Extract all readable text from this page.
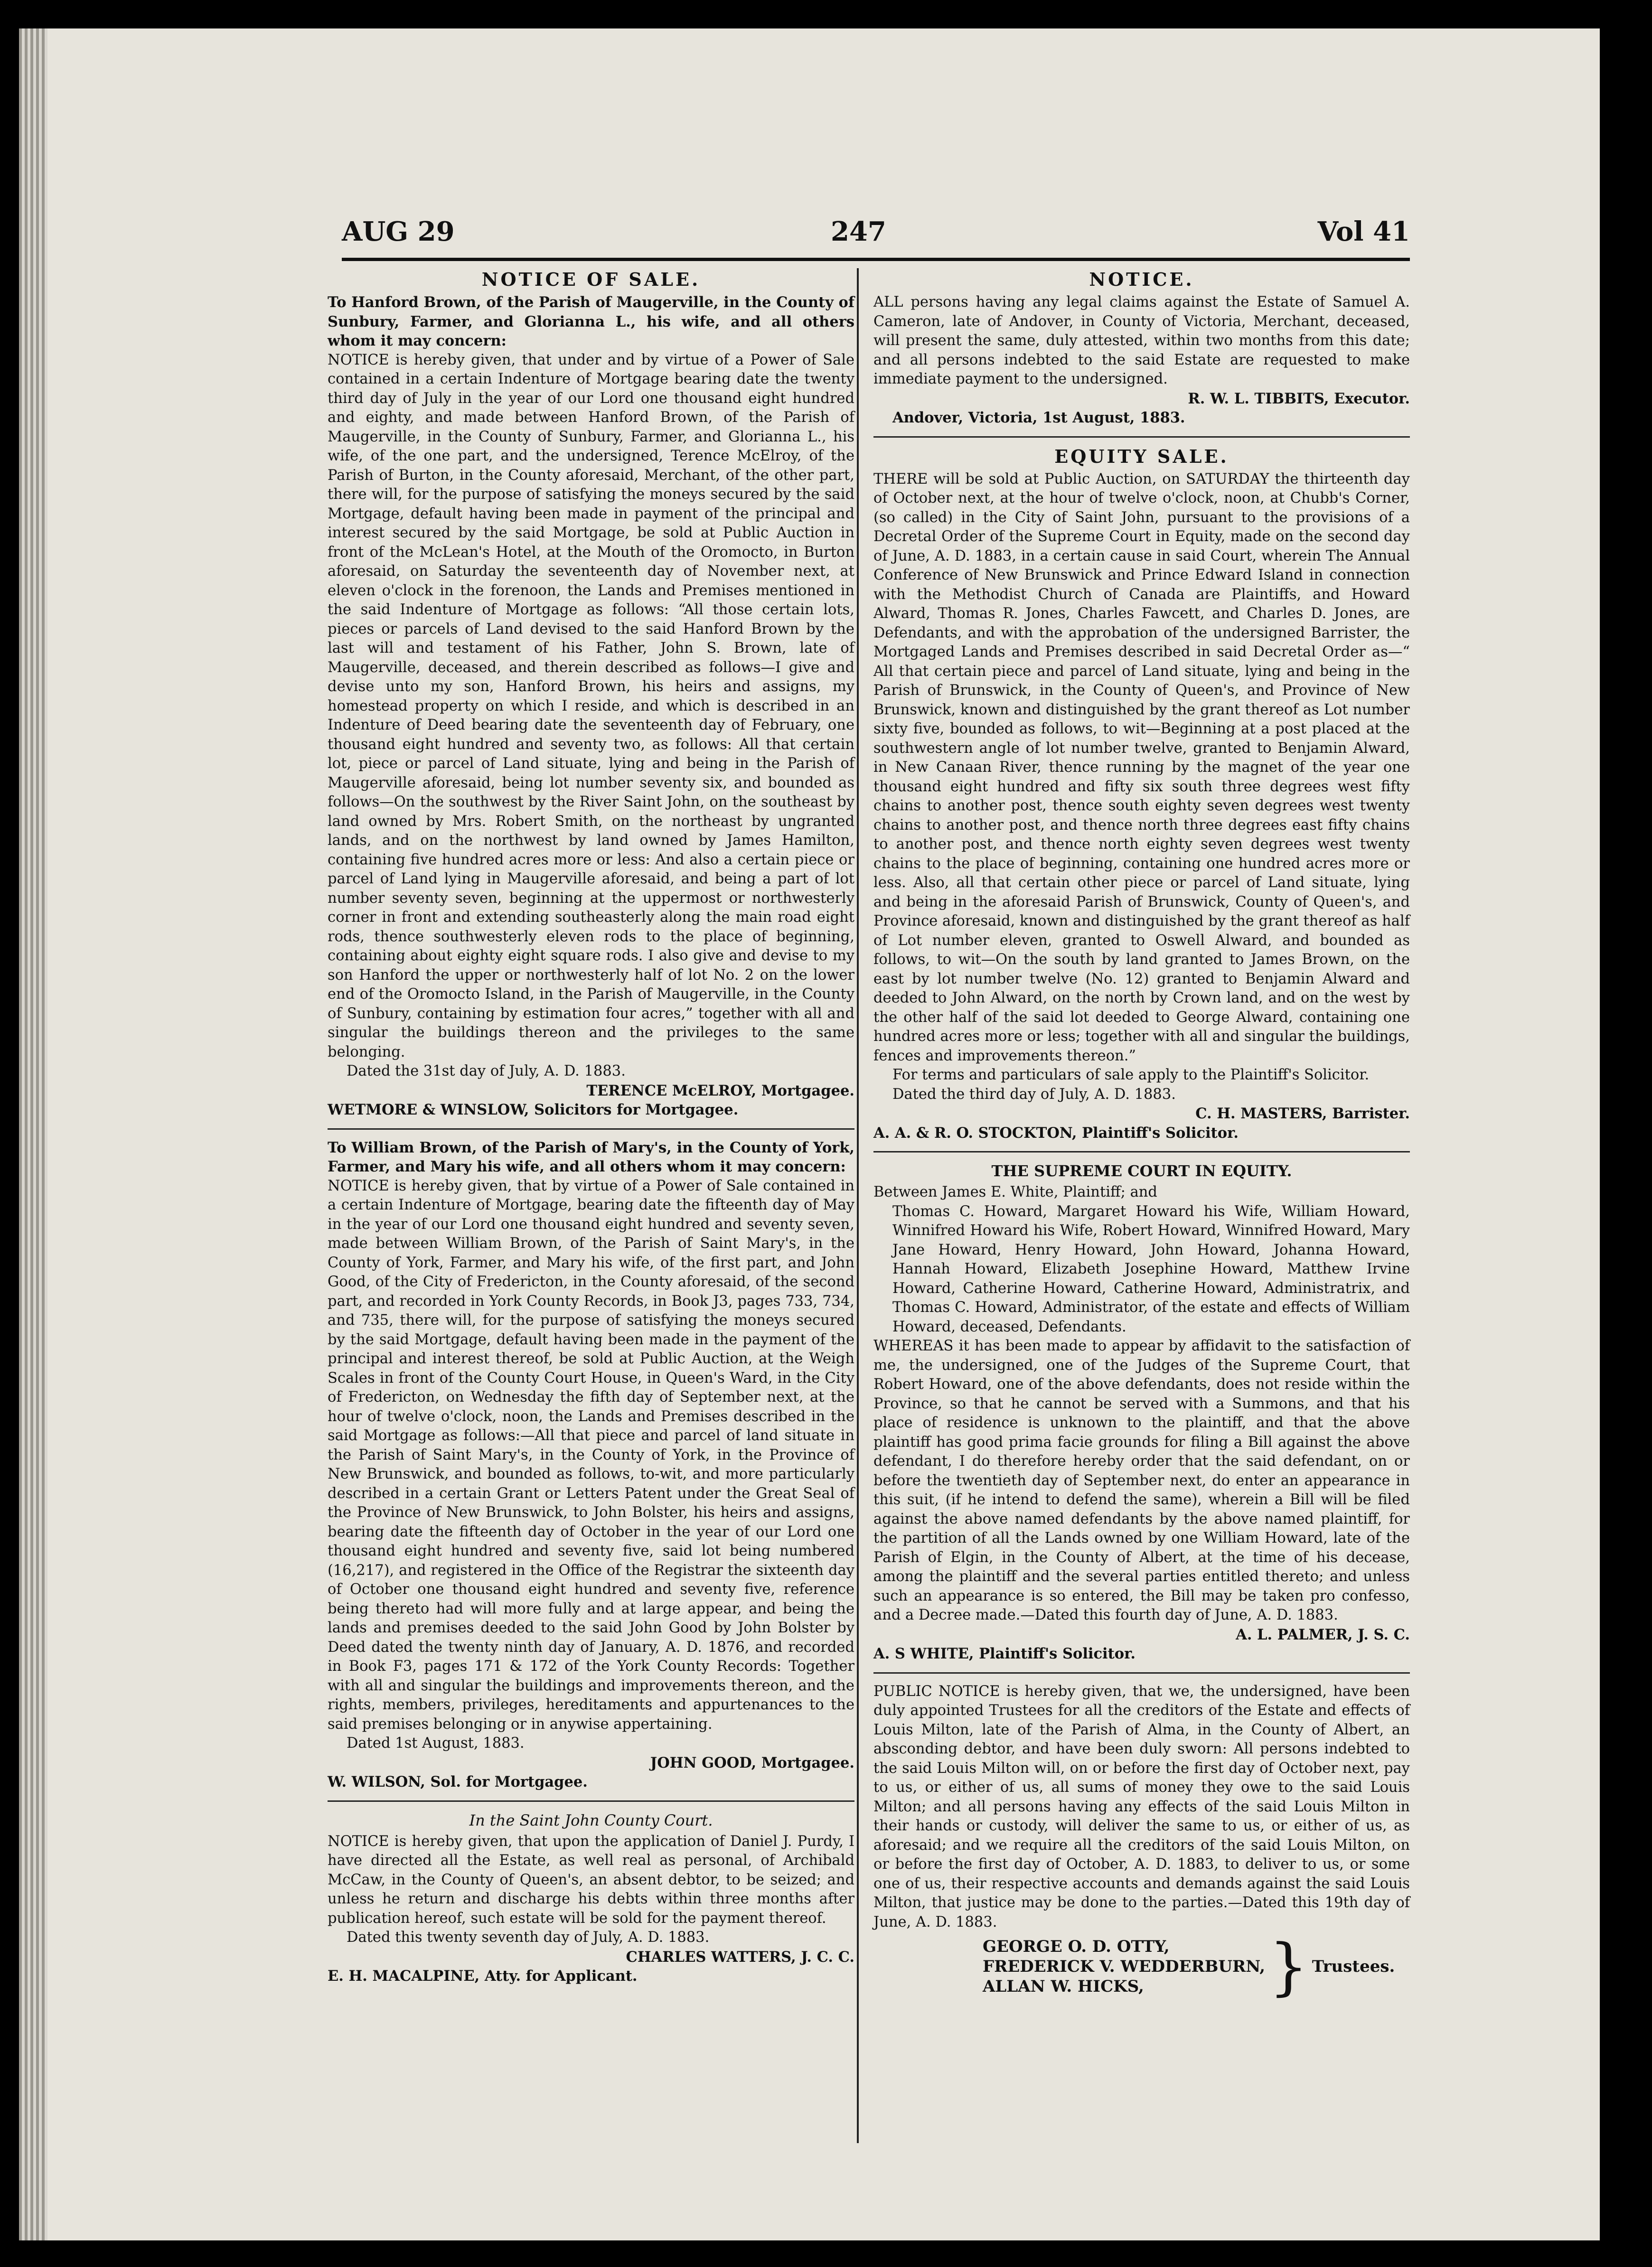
AUG 29	247	Vol 41
NOTICE OF SALE.

To Hanford Brown, of the Parish of Maugerville, in the County of Sunbury, Farmer, and Glorianna L., his wife, and all others whom it may concern:

NOTICE is hereby given, that under and by virtue of a Power of Sale contained in a certain Indenture of Mortgage bearing date the twenty third day of July in the year of our Lord one thousand eight hundred and eighty, and made between Hanford Brown, of the Parish of Maugerville, in the County of Sunbury, Farmer, and Glorianna L., his wife, of the one part, and the undersigned, Terence McElroy, of the Parish of Burton, in the County aforesaid, Merchant, of the other part, there will, for the purpose of satisfying the moneys secured by the said Mortgage, default having been made in payment of the principal and interest secured by the said Mortgage, be sold at Public Auction in front of the McLean's Hotel, at the Mouth of the Oromocto, in Burton aforesaid, on Saturday the seventeenth day of November next, at eleven o'clock in the forenoon, the Lands and Premises mentioned in the said Indenture of Mortgage as follows: “All those certain lots, pieces or parcels of Land devised to the said Hanford Brown by the last will and testament of his Father, John S. Brown, late of Maugerville, deceased, and therein described as follows—I give and devise unto my son, Hanford Brown, his heirs and assigns, my homestead property on which I reside, and which is described in an Indenture of Deed bearing date the seventeenth day of February, one thousand eight hundred and seventy two, as follows: All that certain lot, piece or parcel of Land situate, lying and being in the Parish of Maugerville aforesaid, being lot number seventy six, and bounded as follows—On the southwest by the River Saint John, on the southeast by land owned by Mrs. Robert Smith, on the northeast by ungranted lands, and on the northwest by land owned by James Hamilton, containing five hundred acres more or less: And also a certain piece or parcel of Land lying in Maugerville aforesaid, and being a part of lot number seventy seven, beginning at the uppermost or northwesterly corner in front and extending southeasterly along the main road eight rods, thence southwesterly eleven rods to the place of beginning, containing about eighty eight square rods. I also give and devise to my son Hanford the upper or northwesterly half of lot No. 2 on the lower end of the Oromocto Island, in the Parish of Maugerville, in the County of Sunbury, containing by estimation four acres,” together with all and singular the buildings thereon and the privileges to the same belonging.

Dated the 31st day of July, A. D. 1883.

TERENCE McELROY, Mortgagee.

WETMORE & WINSLOW, Solicitors for Mortgagee.

To William Brown, of the Parish of Mary's, in the County of York, Farmer, and Mary his wife, and all others whom it may concern:

NOTICE is hereby given, that by virtue of a Power of Sale contained in a certain Indenture of Mortgage, bearing date the fifteenth day of May in the year of our Lord one thousand eight hundred and seventy seven, made between William Brown, of the Parish of Saint Mary's, in the County of York, Farmer, and Mary his wife, of the first part, and John Good, of the City of Fredericton, in the County aforesaid, of the second part, and recorded in York County Records, in Book J3, pages 733, 734, and 735, there will, for the purpose of satisfying the moneys secured by the said Mortgage, default having been made in the payment of the principal and interest thereof, be sold at Public Auction, at the Weigh Scales in front of the County Court House, in Queen's Ward, in the City of Fredericton, on Wednesday the fifth day of September next, at the hour of twelve o'clock, noon, the Lands and Premises described in the said Mortgage as follows:—All that piece and parcel of land situate in the Parish of Saint Mary's, in the County of York, in the Province of New Brunswick, and bounded as follows, to-wit, and more particularly described in a certain Grant or Letters Patent under the Great Seal of the Province of New Brunswick, to John Bolster, his heirs and assigns, bearing date the fifteenth day of October in the year of our Lord one thousand eight hundred and seventy five, said lot being numbered (16,217), and registered in the Office of the Registrar the sixteenth day of October one thousand eight hundred and seventy five, reference being thereto had will more fully and at large appear, and being the lands and premises deeded to the said John Good by John Bolster by Deed dated the twenty ninth day of January, A. D. 1876, and recorded in Book F3, pages 171 & 172 of the York County Records: Together with all and singular the buildings and improvements thereon, and the rights, members, privileges, hereditaments and appurtenances to the said premises belonging or in anywise appertaining.

Dated 1st August, 1883.

JOHN GOOD, Mortgagee.

W. WILSON, Sol. for Mortgagee.

In the Saint John County Court.

NOTICE is hereby given, that upon the application of Daniel J. Purdy, I have directed all the Estate, as well real as personal, of Archibald McCaw, in the County of Queen's, an absent debtor, to be seized; and unless he return and discharge his debts within three months after publication hereof, such estate will be sold for the payment thereof.

Dated this twenty seventh day of July, A. D. 1883.

CHARLES WATTERS, J. C. C.

E. H. MACALPINE, Atty. for Applicant.

NOTICE.

ALL persons having any legal claims against the Estate of Samuel A. Cameron, late of Andover, in County of Victoria, Merchant, deceased, will present the same, duly attested, within two months from this date; and all persons indebted to the said Estate are requested to make immediate payment to the undersigned.

R. W. L. TIBBITS, Executor.

Andover, Victoria, 1st August, 1883.

EQUITY SALE.

THERE will be sold at Public Auction, on SATURDAY the thirteenth day of October next, at the hour of twelve o'clock, noon, at Chubb's Corner, (so called) in the City of Saint John, pursuant to the provisions of a Decretal Order of the Supreme Court in Equity, made on the second day of June, A. D. 1883, in a certain cause in said Court, wherein The Annual Conference of New Brunswick and Prince Edward Island in connection with the Methodist Church of Canada are Plaintiffs, and Howard Alward, Thomas R. Jones, Charles Fawcett, and Charles D. Jones, are Defendants, and with the approbation of the undersigned Barrister, the Mortgaged Lands and Premises described in said Decretal Order as—“ All that certain piece and parcel of Land situate, lying and being in the Parish of Brunswick, in the County of Queen's, and Province of New Brunswick, known and distinguished by the grant thereof as Lot number sixty five, bounded as follows, to wit—Beginning at a post placed at the southwestern angle of lot number twelve, granted to Benjamin Alward, in New Canaan River, thence running by the magnet of the year one thousand eight hundred and fifty six south three degrees west fifty chains to another post, thence south eighty seven degrees west twenty chains to another post, and thence north three degrees east fifty chains to another post, and thence north eighty seven degrees west twenty chains to the place of beginning, containing one hundred acres more or less. Also, all that certain other piece or parcel of Land situate, lying and being in the aforesaid Parish of Brunswick, County of Queen's, and Province aforesaid, known and distinguished by the grant thereof as half of Lot number eleven, granted to Oswell Alward, and bounded as follows, to wit—On the south by land granted to James Brown, on the east by lot number twelve (No. 12) granted to Benjamin Alward and deeded to John Alward, on the north by Crown land, and on the west by the other half of the said lot deeded to George Alward, containing one hundred acres more or less; together with all and singular the buildings, fences and improvements thereon.”

For terms and particulars of sale apply to the Plaintiff's Solicitor.

Dated the third day of July, A. D. 1883.

C. H. MASTERS, Barrister.

A. A. & R. O. STOCKTON, Plaintiff's Solicitor.

THE SUPREME COURT IN EQUITY.

Between James E. White, Plaintiff; and

Thomas C. Howard, Margaret Howard his Wife, William Howard, Winnifred Howard his Wife, Robert Howard, Winnifred Howard, Mary Jane Howard, Henry Howard, John Howard, Johanna Howard, Hannah Howard, Elizabeth Josephine Howard, Matthew Irvine Howard, Catherine Howard, Catherine Howard, Administratrix, and Thomas C. Howard, Administrator, of the estate and effects of William Howard, deceased, Defendants.

WHEREAS it has been made to appear by affidavit to the satisfaction of me, the undersigned, one of the Judges of the Supreme Court, that Robert Howard, one of the above defendants, does not reside within the Province, so that he cannot be served with a Summons, and that his place of residence is unknown to the plaintiff, and that the above plaintiff has good prima facie grounds for filing a Bill against the above defendant, I do therefore hereby order that the said defendant, on or before the twentieth day of September next, do enter an appearance in this suit, (if he intend to defend the same), wherein a Bill will be filed against the above named defendants by the above named plaintiff, for the partition of all the Lands owned by one William Howard, late of the Parish of Elgin, in the County of Albert, at the time of his decease, among the plaintiff and the several parties entitled thereto; and unless such an appearance is so entered, the Bill may be taken pro confesso, and a Decree made.—Dated this fourth day of June, A. D. 1883.

A. L. PALMER, J. S. C.

A. S WHITE, Plaintiff's Solicitor.

PUBLIC NOTICE is hereby given, that we, the undersigned, have been duly appointed Trustees for all the creditors of the Estate and effects of Louis Milton, late of the Parish of Alma, in the County of Albert, an absconding debtor, and have been duly sworn: All persons indebted to the said Louis Milton will, on or before the first day of October next, pay to us, or either of us, all sums of money they owe to the said Louis Milton; and all persons having any effects of the said Louis Milton in their hands or custody, will deliver the same to us, or either of us, as aforesaid; and we require all the creditors of the said Louis Milton, on or before the first day of October, A. D. 1883, to deliver to us, or some one of us, their respective accounts and demands against the said Louis Milton, that justice may be done to the parties.—Dated this 19th day of June, A. D. 1883.

GEORGE O. D. OTTY,
FREDERICK V. WEDDERBURN,
ALLAN W. HICKS,	} Trustees.
